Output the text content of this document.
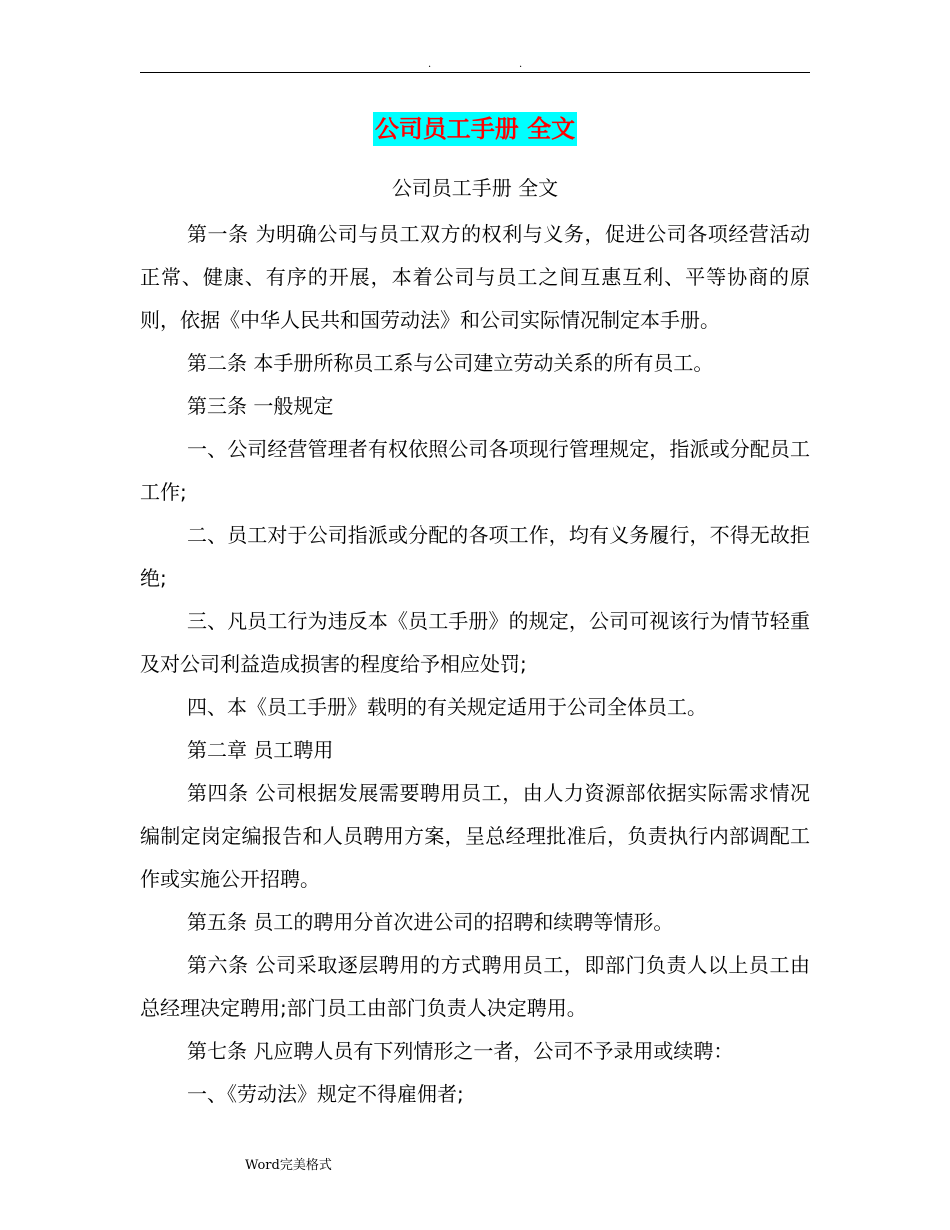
.	.
公司员工手册 全文
公司员工手册 全文

第一条 为明确公司与员工双方的权利与义务，促进公司各项经营活动正常、健康、有序的开展，本着公司与员工之间互惠互利、平等协商的原则，依据《中华人民共和国劳动法》和公司实际情况制定本手册。

第二条 本手册所称员工系与公司建立劳动关系的所有员工。

第三条 一般规定

一、公司经营管理者有权依照公司各项现行管理规定，指派或分配员工工作;

二、员工对于公司指派或分配的各项工作，均有义务履行，不得无故拒绝;

三、凡员工行为违反本《员工手册》的规定，公司可视该行为情节轻重及对公司利益造成损害的程度给予相应处罚;

四、本《员工手册》载明的有关规定适用于公司全体员工。

第二章 员工聘用

第四条 公司根据发展需要聘用员工，由人力资源部依据实际需求情况编制定岗定编报告和人员聘用方案，呈总经理批准后，负责执行内部调配工作或实施公开招聘。

第五条 员工的聘用分首次进公司的招聘和续聘等情形。

第六条 公司采取逐层聘用的方式聘用员工，即部门负责人以上员工由总经理决定聘用;部门员工由部门负责人决定聘用。

第七条 凡应聘人员有下列情形之一者，公司不予录用或续聘：

一、《劳动法》规定不得雇佣者;

Word完美格式
